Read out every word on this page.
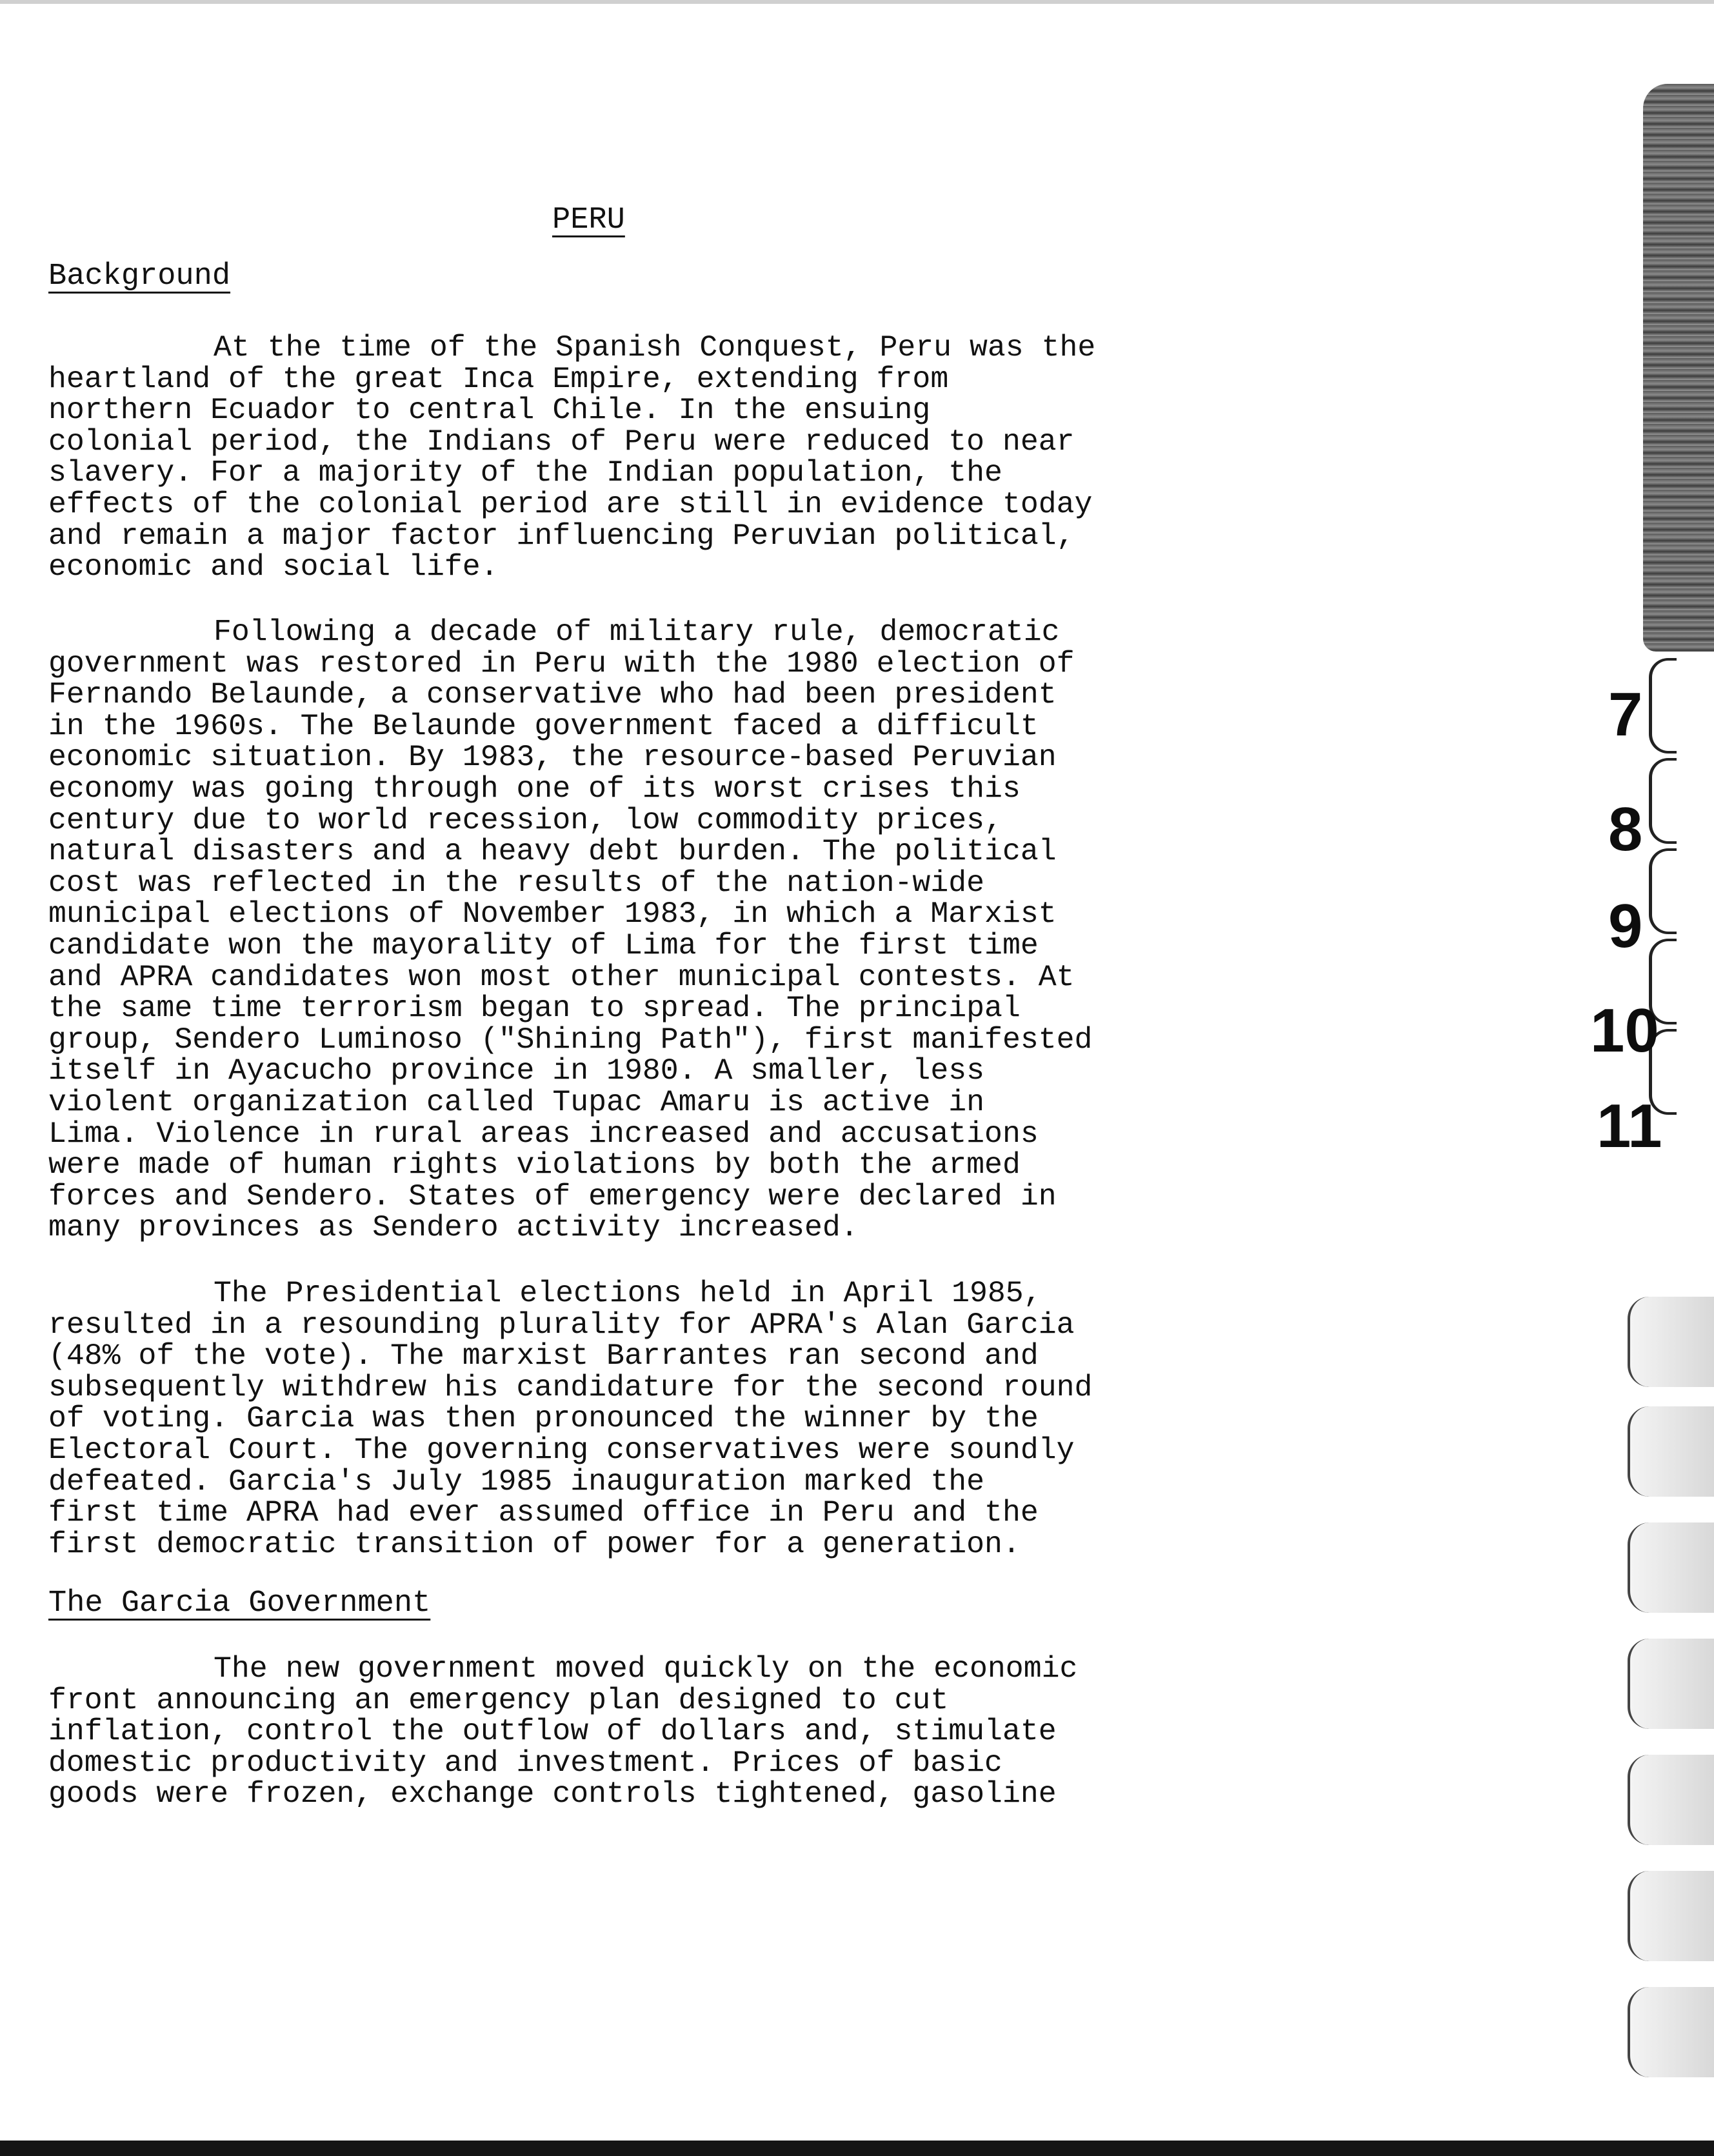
PERU
Background

At the time of the Spanish Conquest, Peru was the
heartland of the great Inca Empire, extending from
northern Ecuador to central Chile. In the ensuing
colonial period, the Indians of Peru were reduced to near
slavery. For a majority of the Indian population, the
effects of the colonial period are still in evidence today
and remain a major factor influencing Peruvian political,
economic and social life.

Following a decade of military rule, democratic
government was restored in Peru with the 1980 election of
Fernando Belaunde, a conservative who had been president
in the 1960s. The Belaunde government faced a difficult
economic situation. By 1983, the resource-based Peruvian
economy was going through one of its worst crises this
century due to world recession, low commodity prices,
natural disasters and a heavy debt burden. The political
cost was reflected in the results of the nation-wide
municipal elections of November 1983, in which a Marxist
candidate won the mayorality of Lima for the first time
and APRA candidates won most other municipal contests. At
the same time terrorism began to spread. The principal
group, Sendero Luminoso ("Shining Path"), first manifested
itself in Ayacucho province in 1980. A smaller, less
violent organization called Tupac Amaru is active in
Lima. Violence in rural areas increased and accusations
were made of human rights violations by both the armed
forces and Sendero. States of emergency were declared in
many provinces as Sendero activity increased.

The Presidential elections held in April 1985,
resulted in a resounding plurality for APRA's Alan Garcia
(48% of the vote). The marxist Barrantes ran second and
subsequently withdrew his candidature for the second round
of voting. Garcia was then pronounced the winner by the
Electoral Court. The governing conservatives were soundly
defeated. Garcia's July 1985 inauguration marked the
first time APRA had ever assumed office in Peru and the
first democratic transition of power for a generation.

The Garcia Government

The new government moved quickly on the economic
front announcing an emergency plan designed to cut
inflation, control the outflow of dollars and, stimulate
domestic productivity and investment. Prices of basic
goods were frozen, exchange controls tightened, gasoline

7
8
9
10
11
